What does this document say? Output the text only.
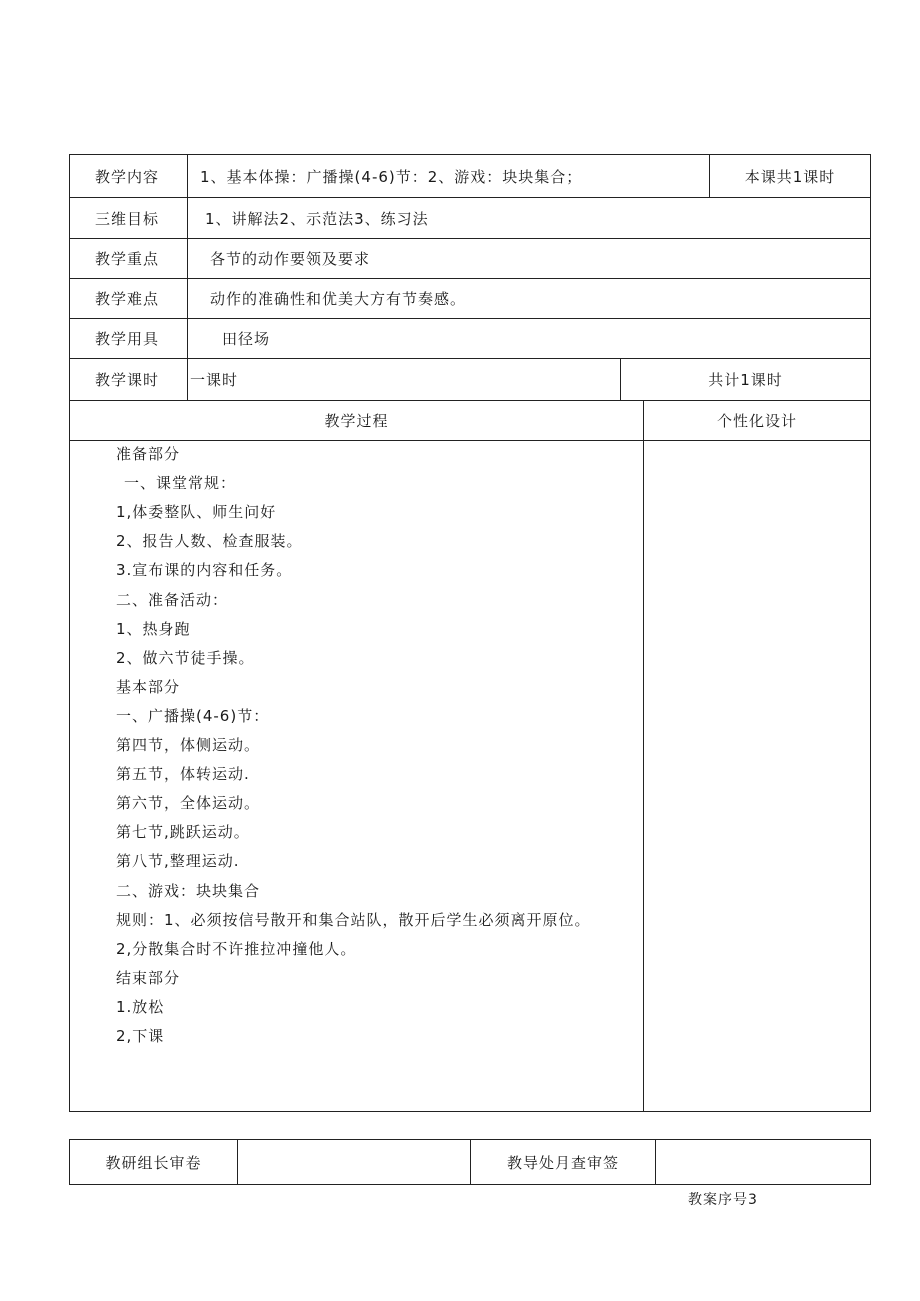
教学内容	1、基本体操：广播操(4-6)节：2、游戏：块块集合；	本课共1课时
三维目标	1、讲解法2、示范法3、练习法
教学重点	各节的动作要领及要求
教学难点	动作的准确性和优美大方有节奏感。
教学用具	田径场
教学课时 一课时	共计1课时
教学过程	个性化设计
准备部分
一、课堂常规：
1,体委整队、师生问好
2、报告人数、检查服装。
3.宣布课的内容和任务。
二、准备活动：
1、热身跑
2、做六节徒手操。
基本部分
一、广播操(4-6)节：
第四节，体侧运动。
第五节，体转运动.
第六节，全体运动。
第七节,跳跃运动。
第八节,整理运动.
二、游戏：块块集合
规则：1、必须按信号散开和集合站队，散开后学生必须离开原位。
2,分散集合时不许推拉冲撞他人。
结束部分
1.放松
2,下课
教研组长审卷	教导处月查审签
教案序号3
